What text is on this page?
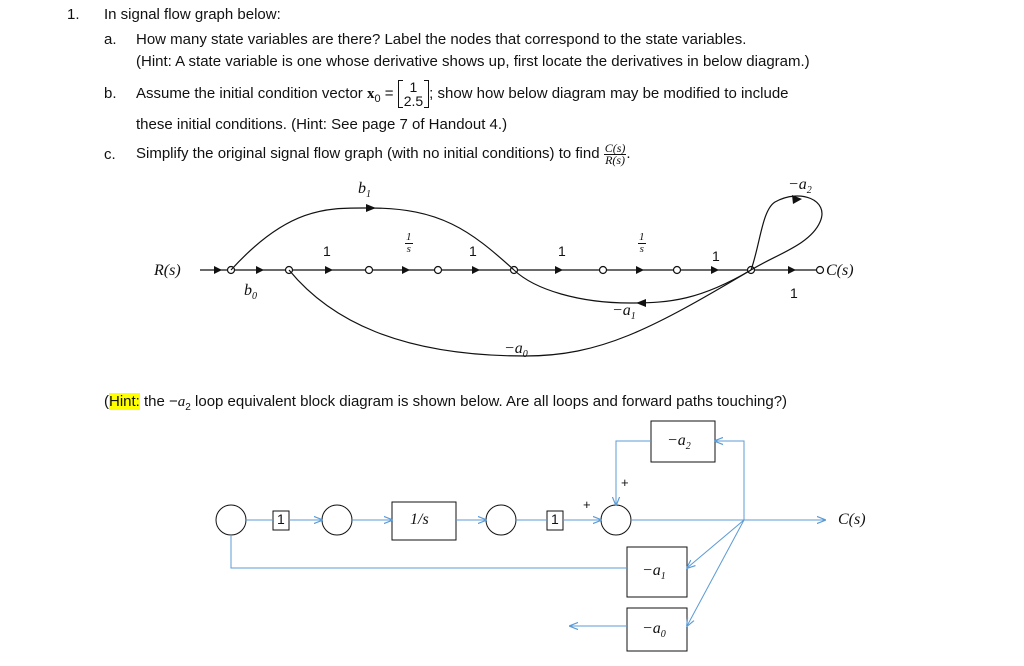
1. In signal flow graph below:
a. How many state variables are there? Label the nodes that correspond to the state variables.
(Hint: A state variable is one whose derivative shows up, first locate the derivatives in below diagram.)
b. Assume the initial condition vector $x_0 = 1$
2.5 ; show how below diagram may be modified to include
these initial conditions. (Hint: See page 7 of Handout 4.)
c. Simplify the original signal flow graph (with no initial conditions) to find $\frac{C(s)}{R(s)}$ .
R(s)	C(s)
$b_1$
$b_0$
1	1	1	1
1
$\frac{1}{s}$	$\frac{1}{s}$
$-a_1$
$-a_0$
$-a_2$
(Hint: the $-a_2$ loop equivalent block diagram is shown below. Are all loops and forward paths touching?)
1	1/s	1
$-a_2$
$-a_1$
$-a_0$
+
+
C(s)
